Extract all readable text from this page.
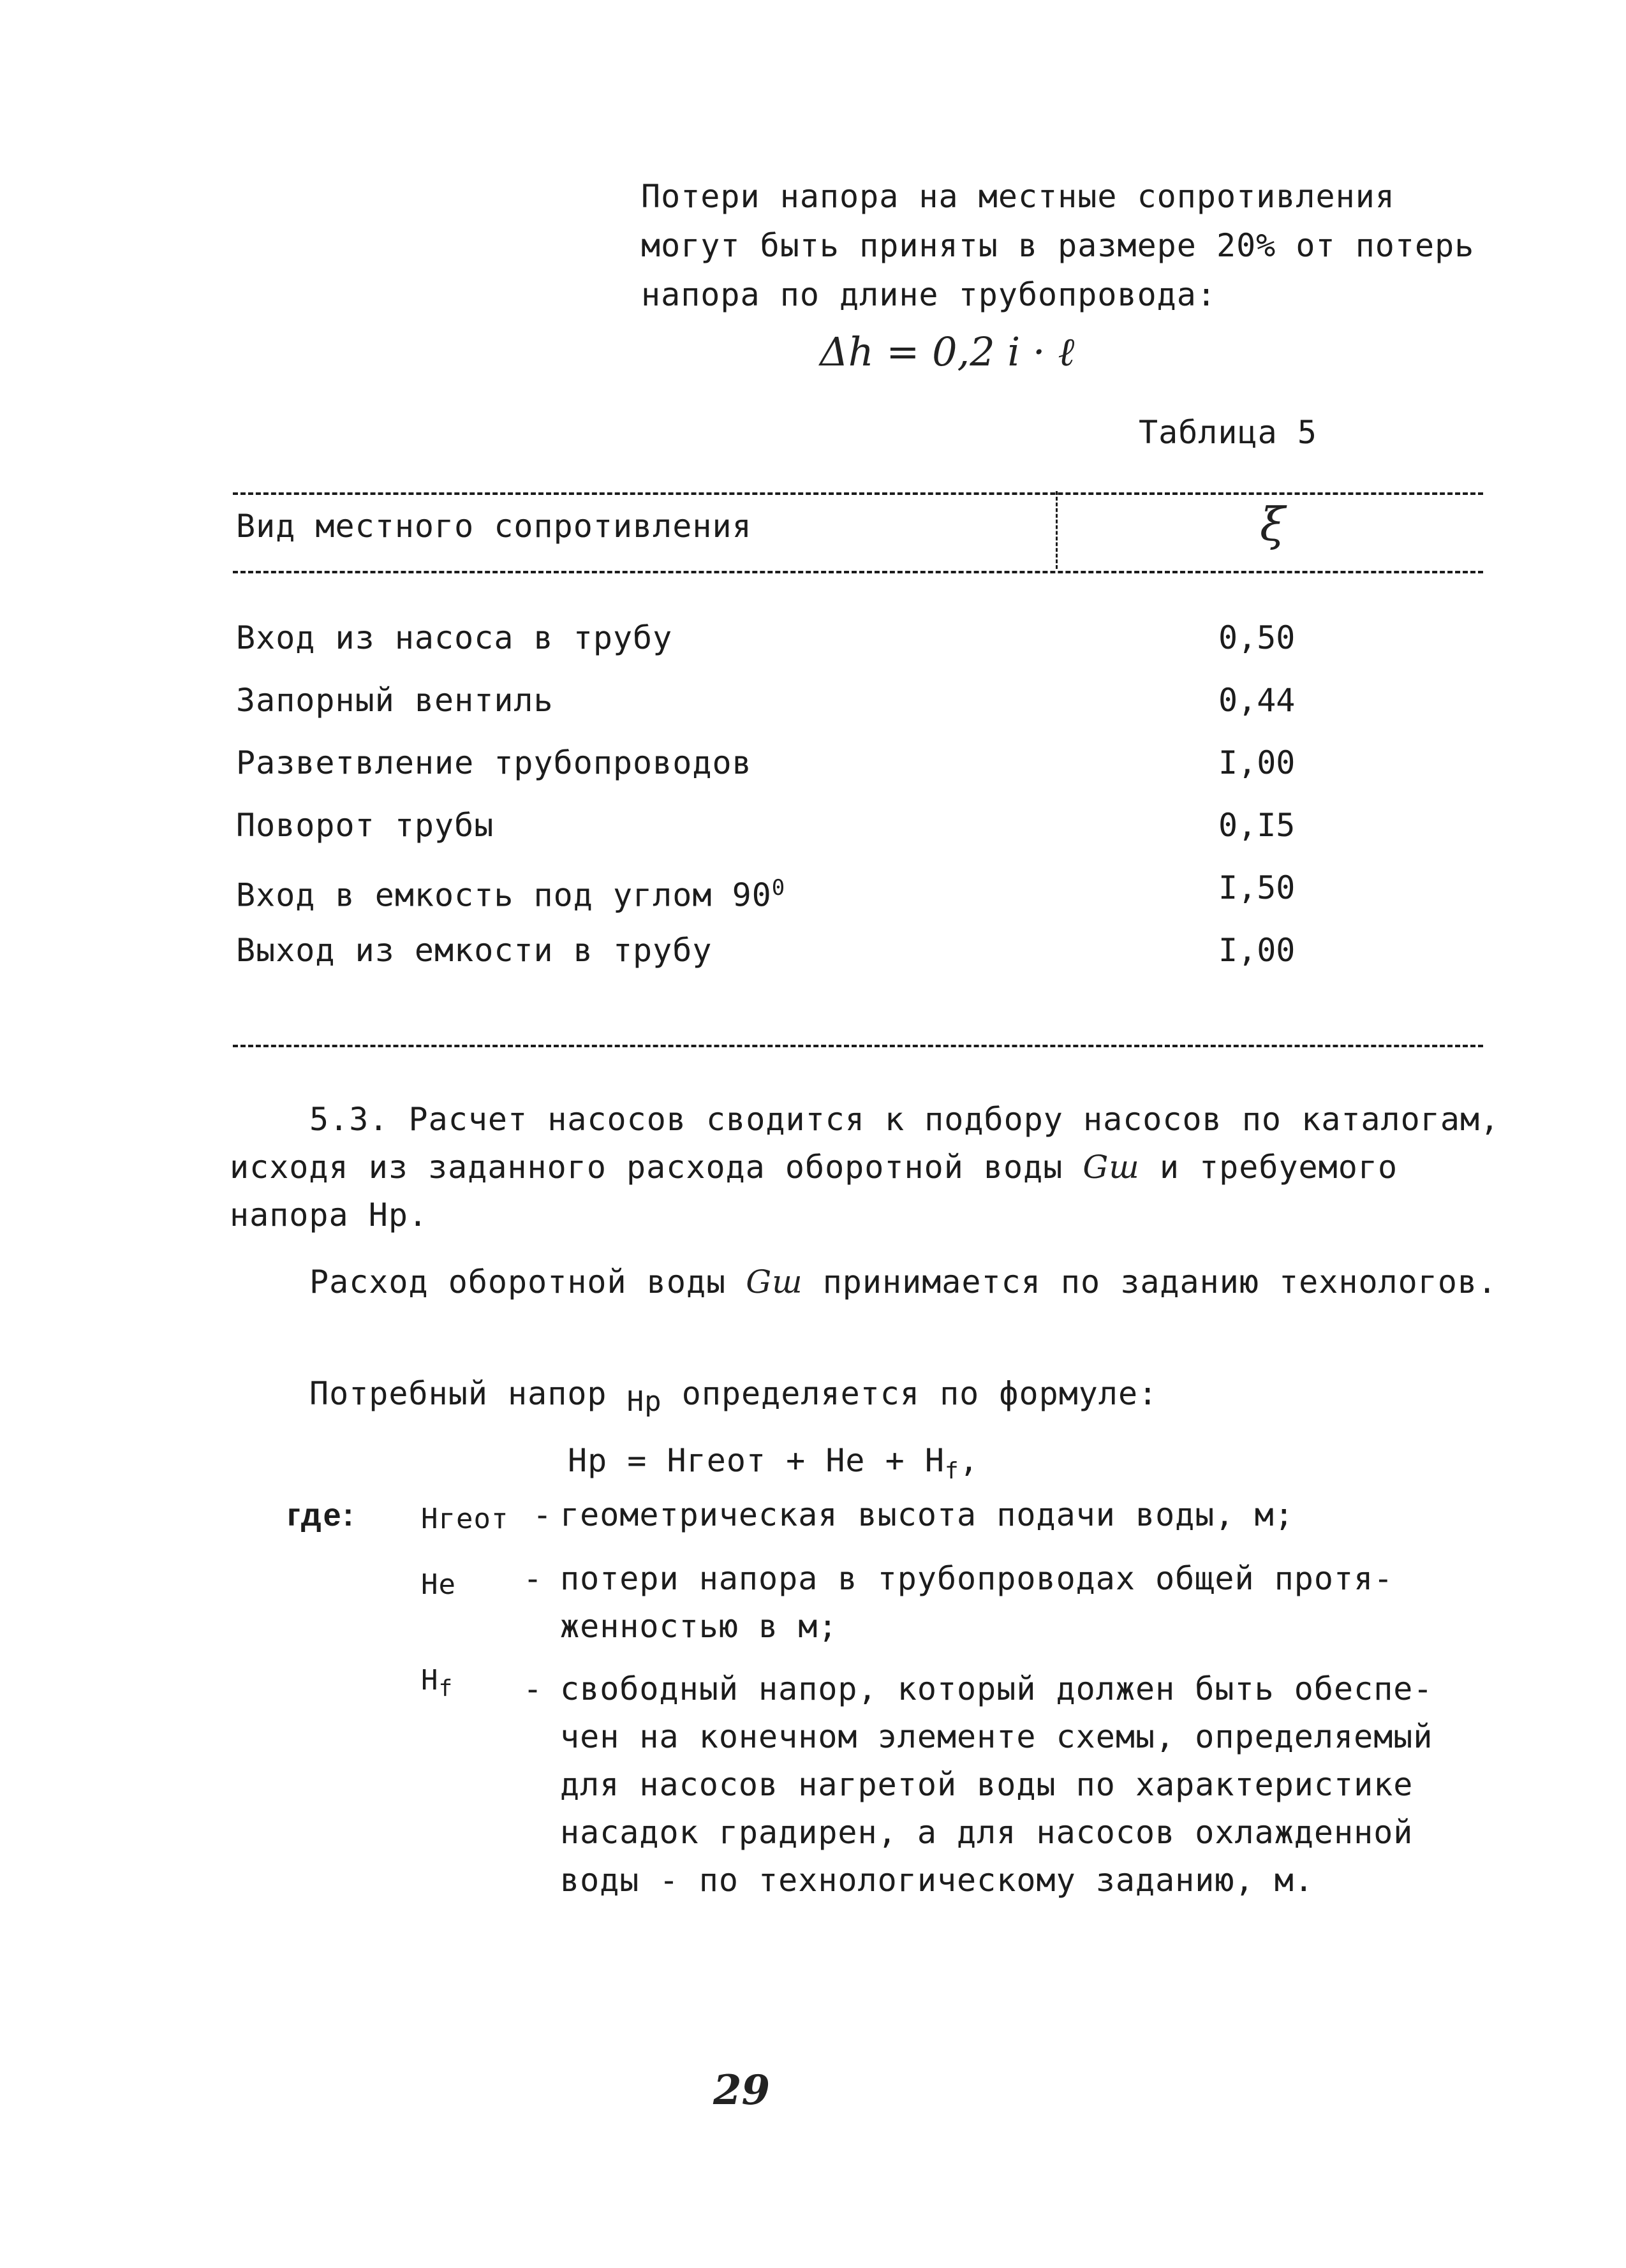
Потери напора на местные сопротивления
могут быть приняты в размере 20% от потерь
напора по длине трубопровода:
Δh = 0,2 i · ℓ
Таблица 5
Вид местного сопротивления	ξ
Вход из насоса в трубу	0,50
Запорный вентиль	0,44
Разветвление трубопроводов	I,00
Поворот трубы	0,I5
Вход в емкость под углом $90^0$	I,50
Выход из емкости в трубу	I,00
5.3. Расчет насосов сводится к подбору насосов по каталогам,
исходя из заданного расхода оборотной воды Gш и требуемого
напора Нр.
Расход оборотной воды Gш принимается по заданию технологов.
Потребный напор Hр определяется по формуле:
Нр = Нгеот + Не + $Н_f$,
где: Нгеот - геометрическая высота подачи воды, м;
Не - потери напора в трубопроводах общей протя-
женностью в м;
$Н_f$ - свободный напор, который должен быть обеспе-
чен на конечном элементе схемы, определяемый
для насосов нагретой воды по характеристике
насадок градирен, а для насосов охлажденной
воды - по технологическому заданию, м.
29
